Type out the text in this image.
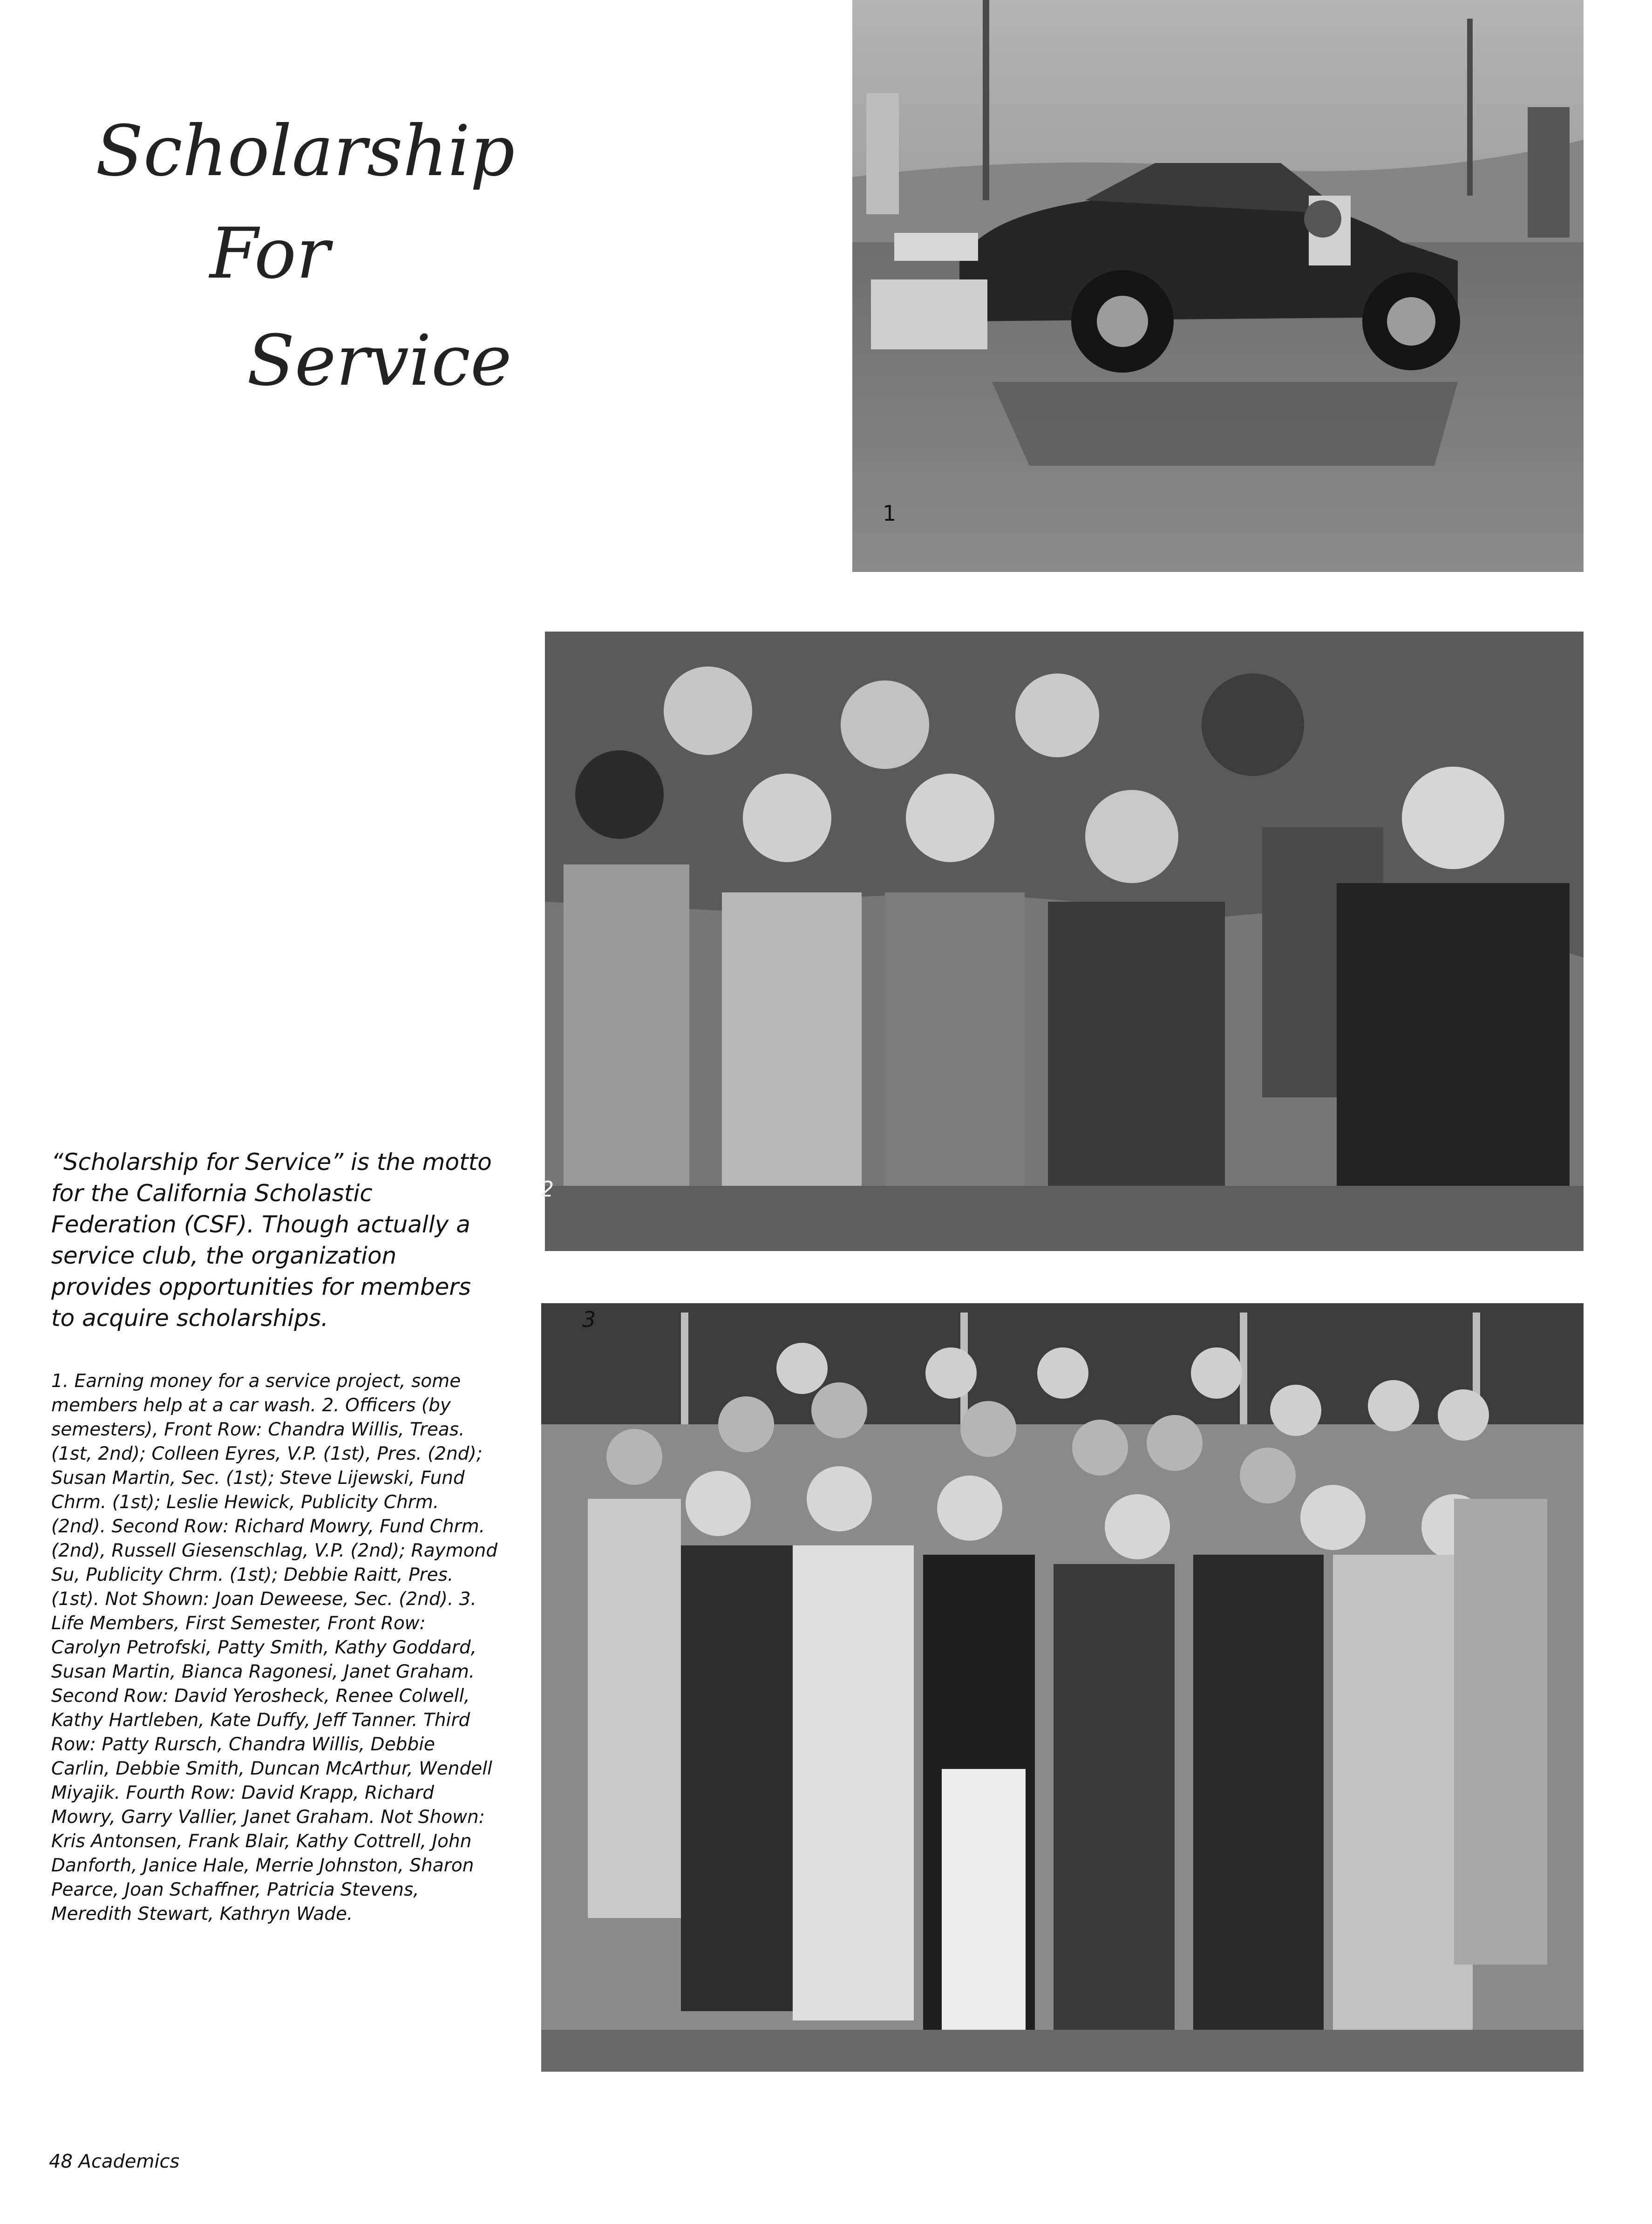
Scholarship
For
Service
1
2
3

“Scholarship for Service” is the motto for the California Scholastic Federation (CSF). Though actually a service club, the organization provides opportunities for members to acquire scholarships.

1. Earning money for a service project, some members help at a car wash. 2. Officers (by semesters), Front Row: Chandra Willis, Treas. (1st, 2nd); Colleen Eyres, V.P. (1st), Pres. (2nd); Susan Martin, Sec. (1st); Steve Lijewski, Fund Chrm. (1st); Leslie Hewick, Publicity Chrm. (2nd). Second Row: Richard Mowry, Fund Chrm. (2nd), Russell Giesenschlag, V.P. (2nd); Raymond Su, Publicity Chrm. (1st); Debbie Raitt, Pres. (1st). Not Shown: Joan Deweese, Sec. (2nd). 3. Life Members, First Semester, Front Row: Carolyn Petrofski, Patty Smith, Kathy Goddard, Susan Martin, Bianca Ragonesi, Janet Graham. Second Row: David Yerosheck, Renee Colwell, Kathy Hartleben, Kate Duffy, Jeff Tanner. Third Row: Patty Rursch, Chandra Willis, Debbie Carlin, Debbie Smith, Duncan McArthur, Wendell Miyajik. Fourth Row: David Krapp, Richard Mowry, Garry Vallier, Janet Graham. Not Shown: Kris Antonsen, Frank Blair, Kathy Cottrell, John Danforth, Janice Hale, Merrie Johnston, Sharon Pearce, Joan Schaffner, Patricia Stevens, Meredith Stewart, Kathryn Wade.

48 Academics
